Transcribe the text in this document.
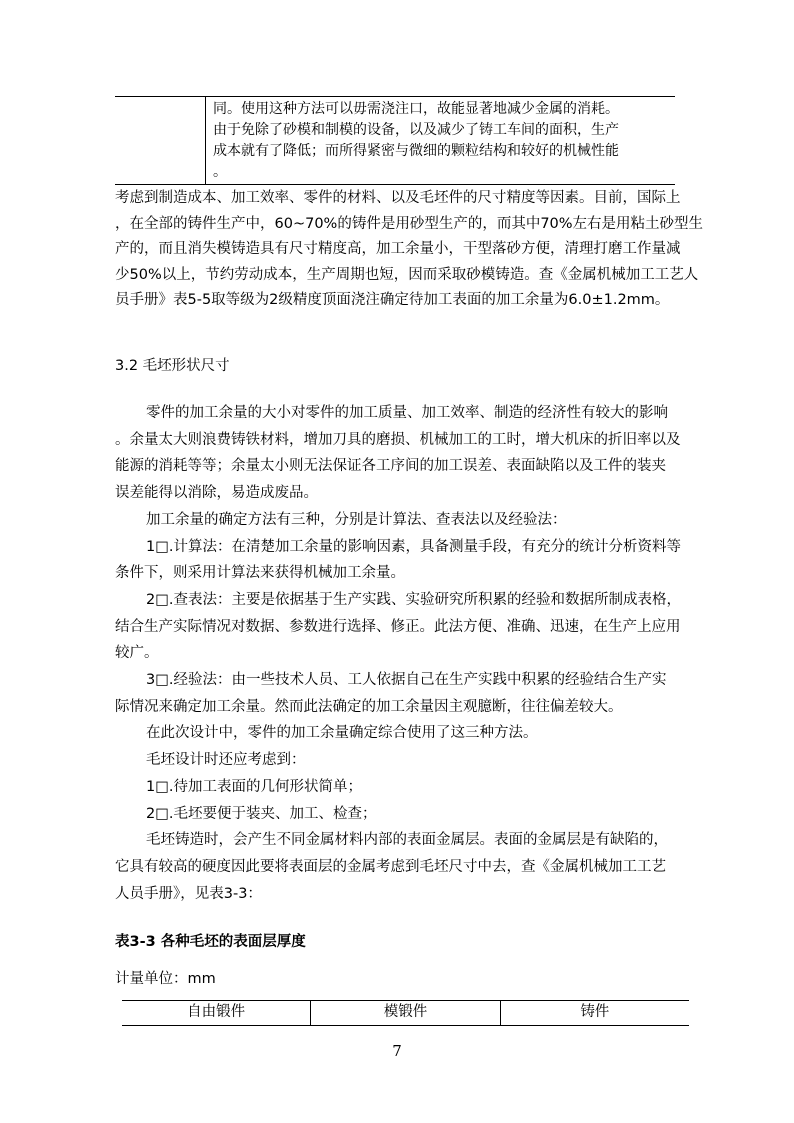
同。使用这种方法可以毋需浇注口，故能显著地减少金属的消耗。
由于免除了砂模和制模的设备，以及减少了铸工车间的面积，生产
成本就有了降低；而所得紧密与微细的颗粒结构和较好的机械性能
。
考虑到制造成本、加工效率、零件的材料、以及毛坯件的尺寸精度等因素。目前，国际上
，在全部的铸件生产中，60~70%的铸件是用砂型生产的，而其中70%左右是用粘土砂型生
产的，而且消失模铸造具有尺寸精度高，加工余量小，干型落砂方便，清理打磨工作量减
少50%以上，节约劳动成本，生产周期也短，因而采取砂模铸造。查《金属机械加工工艺人
员手册》表5-5取等级为2级精度顶面浇注确定待加工表面的加工余量为6.0±1.2mm。
3.2 毛坯形状尺寸
零件的加工余量的大小对零件的加工质量、加工效率、制造的经济性有较大的影响
。余量太大则浪费铸铁材料，增加刀具的磨损、机械加工的工时，增大机床的折旧率以及
能源的消耗等等；余量太小则无法保证各工序间的加工误差、表面缺陷以及工件的装夹
误差能得以消除，易造成废品。
加工余量的确定方法有三种，分别是计算法、查表法以及经验法：
1□.计算法：在清楚加工余量的影响因素，具备测量手段，有充分的统计分析资料等
条件下，则采用计算法来获得机械加工余量。
2□.查表法：主要是依据基于生产实践、实验研究所积累的经验和数据所制成表格，
结合生产实际情况对数据、参数进行选择、修正。此法方便、准确、迅速，在生产上应用
较广。
3□.经验法：由一些技术人员、工人依据自己在生产实践中积累的经验结合生产实
际情况来确定加工余量。然而此法确定的加工余量因主观臆断，往往偏差较大。
在此次设计中，零件的加工余量确定综合使用了这三种方法。
毛坯设计时还应考虑到：
1□.待加工表面的几何形状简单；
2□.毛坯要便于装夹、加工、检查；
毛坯铸造时，会产生不同金属材料内部的表面金属层。表面的金属层是有缺陷的，
它具有较高的硬度因此要将表面层的金属考虑到毛坯尺寸中去，查《金属机械加工工艺
人员手册》，见表3-3：
表3-3 各种毛坯的表面层厚度
计量单位：mm
自由锻件	模锻件	铸件
7
